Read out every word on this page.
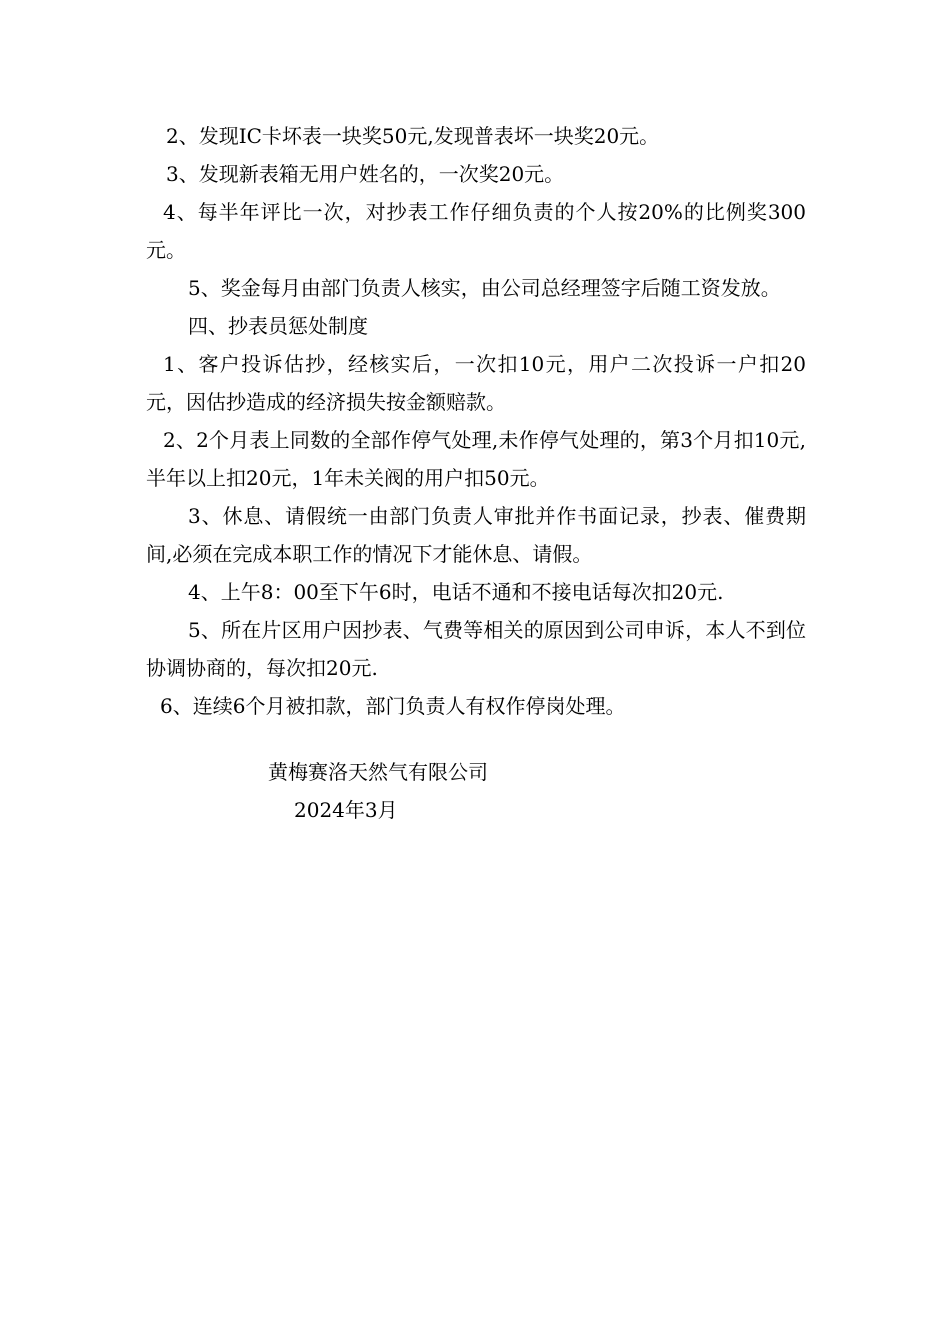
2、发现IC卡坏表一块奖50元,发现普表坏一块奖20元。

3、发现新表箱无用户姓名的，一次奖20元。

4、每半年评比一次，对抄表工作仔细负责的个人按20%的比例奖300元。

5、奖金每月由部门负责人核实，由公司总经理签字后随工资发放。

四、抄表员惩处制度

1、客户投诉估抄，经核实后，一次扣10元，用户二次投诉一户扣20元，因估抄造成的经济损失按金额赔款。

2、2个月表上同数的全部作停气处理,未作停气处理的，第3个月扣10元,半年以上扣20元，1年未关阀的用户扣50元。

3、休息、请假统一由部门负责人审批并作书面记录，抄表、催费期间,必须在完成本职工作的情况下才能休息、请假。

4、上午8：00至下午6时，电话不通和不接电话每次扣20元.

5、所在片区用户因抄表、气费等相关的原因到公司申诉，本人不到位协调协商的，每次扣20元.

6、连续6个月被扣款，部门负责人有权作停岗处理。

黄梅赛洛天然气有限公司
2024年3月
